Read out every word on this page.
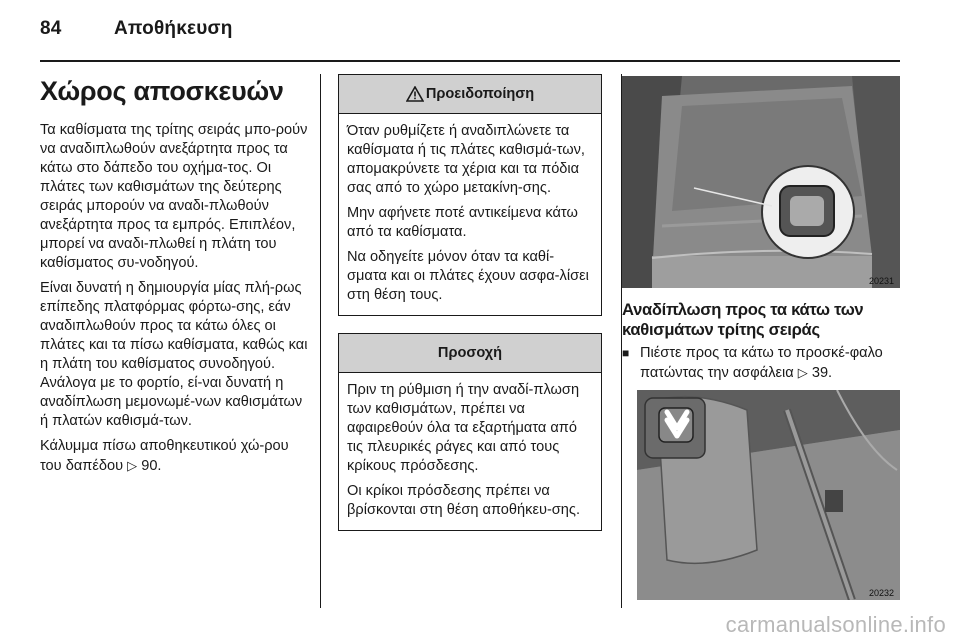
84	Αποθήκευση
Χώρος αποσκευών

Τα καθίσματα της τρίτης σειράς μπο-ρούν να αναδιπλωθούν ανεξάρτητα προς τα κάτω στο δάπεδο του οχήμα-τος. Οι πλάτες των καθισμάτων της δεύτερης σειράς μπορούν να αναδι-πλωθούν ανεξάρτητα προς τα εμπρός. Επιπλέον, μπορεί να αναδι-πλωθεί η πλάτη του καθίσματος συ-νοδηγού.

Είναι δυνατή η δημιουργία μίας πλή-ρως επίπεδης πλατφόρμας φόρτω-σης, εάν αναδιπλωθούν προς τα κάτω όλες οι πλάτες και τα πίσω καθίσματα, καθώς και η πλάτη του καθίσματος συνοδηγού. Ανάλογα με το φορτίο, εί-ναι δυνατή η αναδίπλωση μεμονωμέ-νων καθισμάτων ή πλατών καθισμά-των.

Κάλυμμα πίσω αποθηκευτικού χώ-ρου του δαπέδου ▷ 90.

Προειδοποίηση

Όταν ρυθμίζετε ή αναδιπλώνετε τα καθίσματα ή τις πλάτες καθισμά-των, απομακρύνετε τα χέρια και τα πόδια σας από το χώρο μετακίνη-σης.

Μην αφήνετε ποτέ αντικείμενα κάτω από τα καθίσματα.

Να οδηγείτε μόνον όταν τα καθί-σματα και οι πλάτες έχουν ασφα-λίσει στη θέση τους.

Προσοχή

Πριν τη ρύθμιση ή την αναδί-πλωση των καθισμάτων, πρέπει να αφαιρεθούν όλα τα εξαρτήματα από τις πλευρικές ράγες και από τους κρίκους πρόσδεσης.

Οι κρίκοι πρόσδεσης πρέπει να βρίσκονται στη θέση αποθήκευ-σης.

20231
Αναδίπλωση προς τα κάτω των καθισμάτων τρίτης σειράς
■ Πιέστε προς τα κάτω το προσκέ-φαλο πατώντας την ασφάλεια ▷ 39.
20232
carmanualsonline.info
